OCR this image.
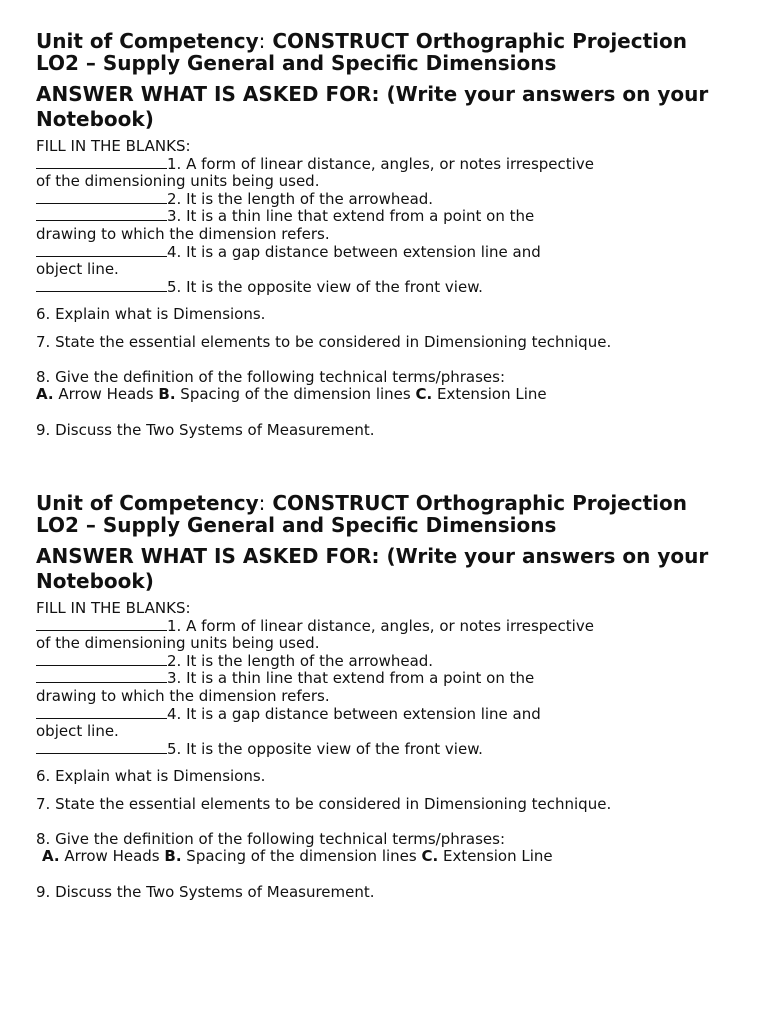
Unit of Competency: CONSTRUCT Orthographic Projection

LO2 – Supply General and Specific Dimensions

ANSWER WHAT IS ASKED FOR: (Write your answers on your Notebook)

FILL IN THE BLANKS:
1. A form of linear distance, angles, or notes irrespective
of the dimensioning units being used.
2. It is the length of the arrowhead.
3. It is a thin line that extend from a point on the
drawing to which the dimension refers.
4. It is a gap distance between extension line and
object line.
5. It is the opposite view of the front view.
6. Explain what is Dimensions.
7. State the essential elements to be considered in Dimensioning technique.
8. Give the definition of the following technical terms/phrases:
A. Arrow Heads B. Spacing of the dimension lines C. Extension Line
9. Discuss the Two Systems of Measurement.

Unit of Competency: CONSTRUCT Orthographic Projection

LO2 – Supply General and Specific Dimensions

ANSWER WHAT IS ASKED FOR: (Write your answers on your Notebook)

FILL IN THE BLANKS:
1. A form of linear distance, angles, or notes irrespective
of the dimensioning units being used.
2. It is the length of the arrowhead.
3. It is a thin line that extend from a point on the
drawing to which the dimension refers.
4. It is a gap distance between extension line and
object line.
5. It is the opposite view of the front view.
6. Explain what is Dimensions.
7. State the essential elements to be considered in Dimensioning technique.
8. Give the definition of the following technical terms/phrases:
A. Arrow Heads B. Spacing of the dimension lines C. Extension Line
9. Discuss the Two Systems of Measurement.
